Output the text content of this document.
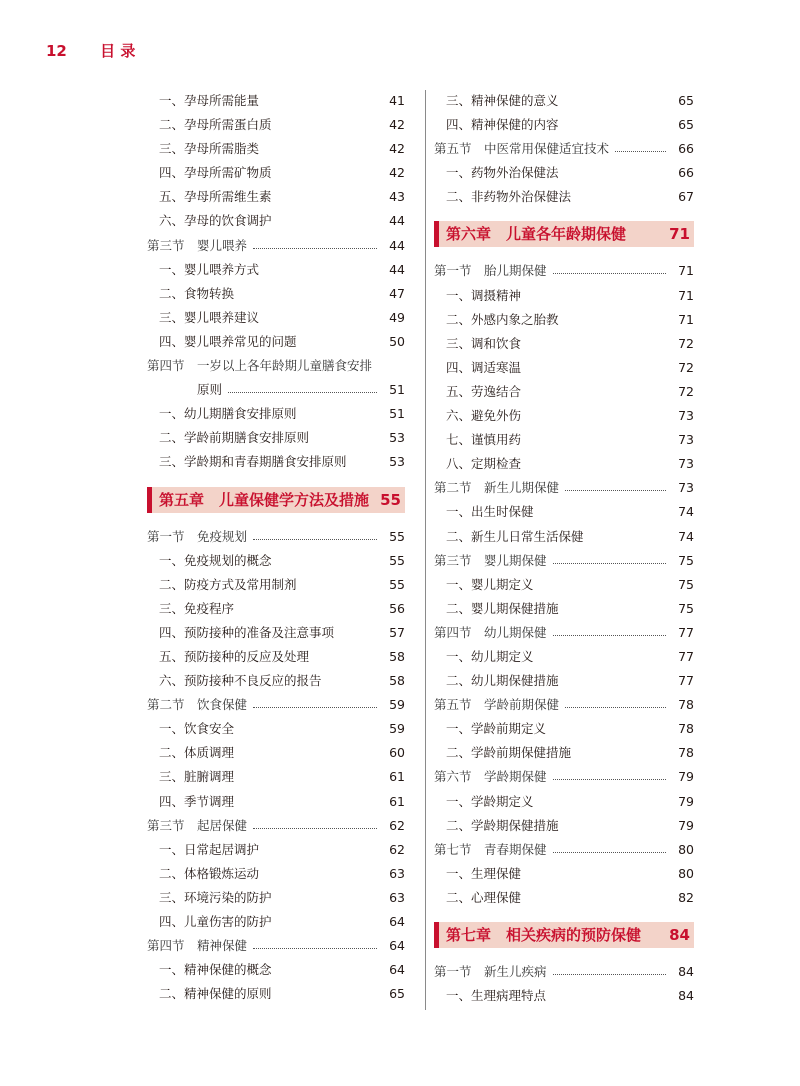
12 目 录
一、孕母所需能量	41
二、孕母所需蛋白质	42
三、孕母所需脂类	42
四、孕母所需矿物质	42
五、孕母所需维生素	43
六、孕母的饮食调护	44
第三节　婴儿喂养	44
一、婴儿喂养方式	44
二、食物转换	47
三、婴儿喂养建议	49
四、婴儿喂养常见的问题	50
第四节　一岁以上各年龄期儿童膳食安排
原则	51
一、幼儿期膳食安排原则	51
二、学龄前期膳食安排原则	53
三、学龄期和青春期膳食安排原则	53
第五章　儿童保健学方法及措施 55
第一节　免疫规划	55
一、免疫规划的概念	55
二、防疫方式及常用制剂	55
三、免疫程序	56
四、预防接种的准备及注意事项	57
五、预防接种的反应及处理	58
六、预防接种不良反应的报告	58
第二节　饮食保健	59
一、饮食安全	59
二、体质调理	60
三、脏腑调理	61
四、季节调理	61
第三节　起居保健	62
一、日常起居调护	62
二、体格锻炼运动	63
三、环境污染的防护	63
四、儿童伤害的防护	64
第四节　精神保健	64
一、精神保健的概念	64
二、精神保健的原则	65
三、精神保健的意义	65
四、精神保健的内容	65
第五节　中医常用保健适宜技术	66
一、药物外治保健法	66
二、非药物外治保健法	67
第六章　儿童各年龄期保健	71
第一节　胎儿期保健	71
一、调摄精神	71
二、外感内象之胎教	71
三、调和饮食	72
四、调适寒温	72
五、劳逸结合	72
六、避免外伤	73
七、谨慎用药	73
八、定期检查	73
第二节　新生儿期保健	73
一、出生时保健	74
二、新生儿日常生活保健	74
第三节　婴儿期保健	75
一、婴儿期定义	75
二、婴儿期保健措施	75
第四节　幼儿期保健	77
一、幼儿期定义	77
二、幼儿期保健措施	77
第五节　学龄前期保健	78
一、学龄前期定义	78
二、学龄前期保健措施	78
第六节　学龄期保健	79
一、学龄期定义	79
二、学龄期保健措施	79
第七节　青春期保健	80
一、生理保健	80
二、心理保健	82
第七章　相关疾病的预防保健 84
第一节　新生儿疾病	84
一、生理病理特点	84
